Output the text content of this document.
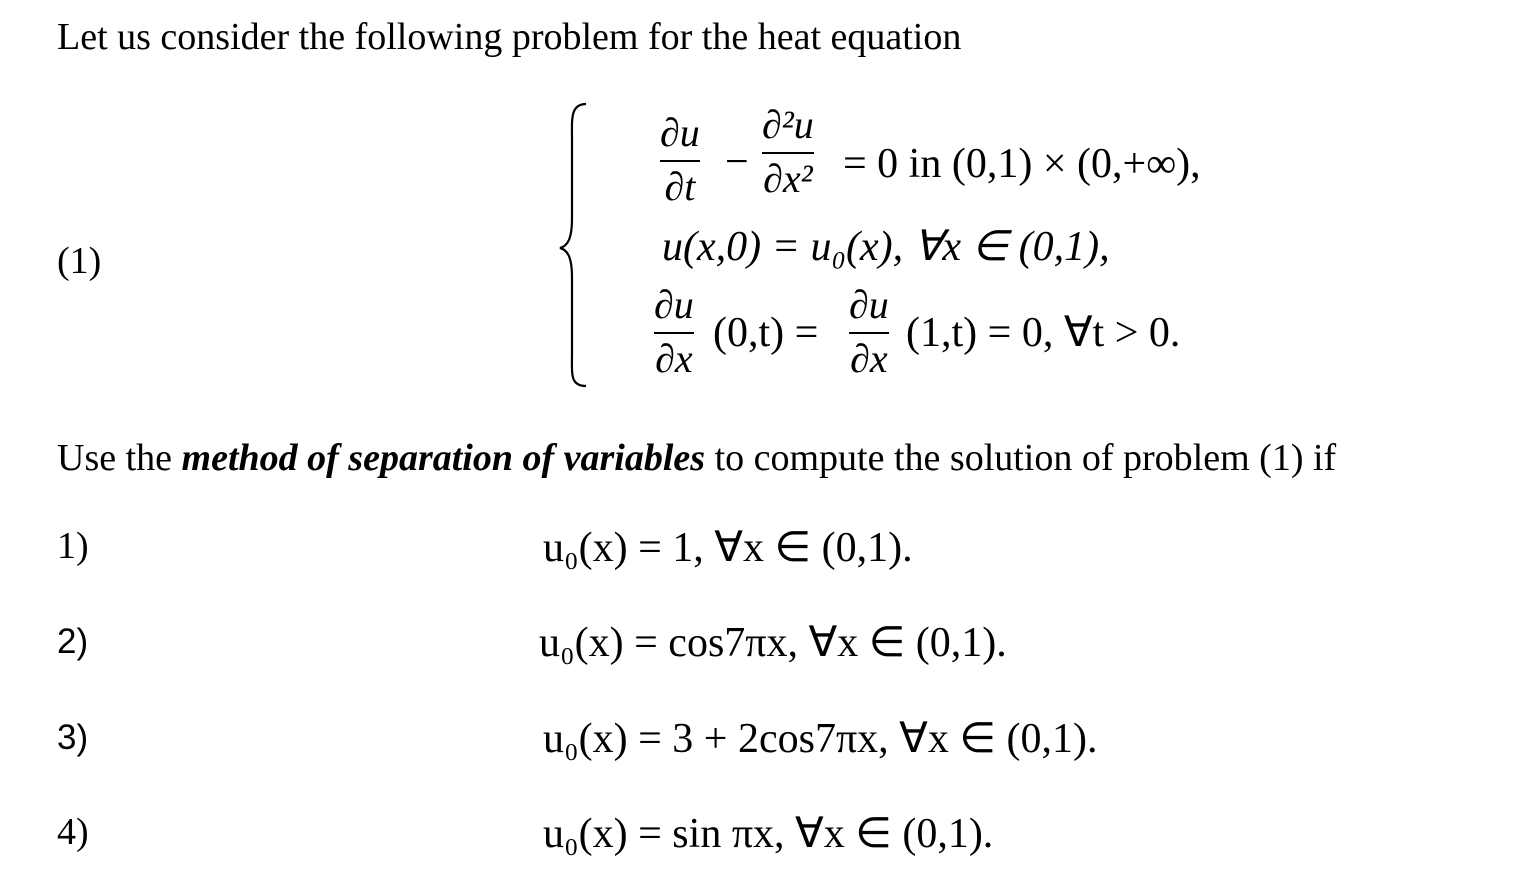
Let us consider the following problem for the heat equation
(1)
∂u
∂t
−
∂²u
∂x² = 0 in (0,1) × (0,+∞),
u(x,0) = u₀(x), ∀x ∈ (0,1),
∂u
∂x
(0,t) =
∂u
∂x
(1,t) = 0, ∀t > 0.
Use the method of separation of variables to compute the solution of problem (1) if
1)	u₀(x) = 1, ∀x ∈ (0,1).
2)	u₀(x) = cos7πx, ∀x ∈ (0,1).
3)	u₀(x) = 3 + 2cos7πx, ∀x ∈ (0,1).
4)	u₀(x) = sin πx, ∀x ∈ (0,1).
